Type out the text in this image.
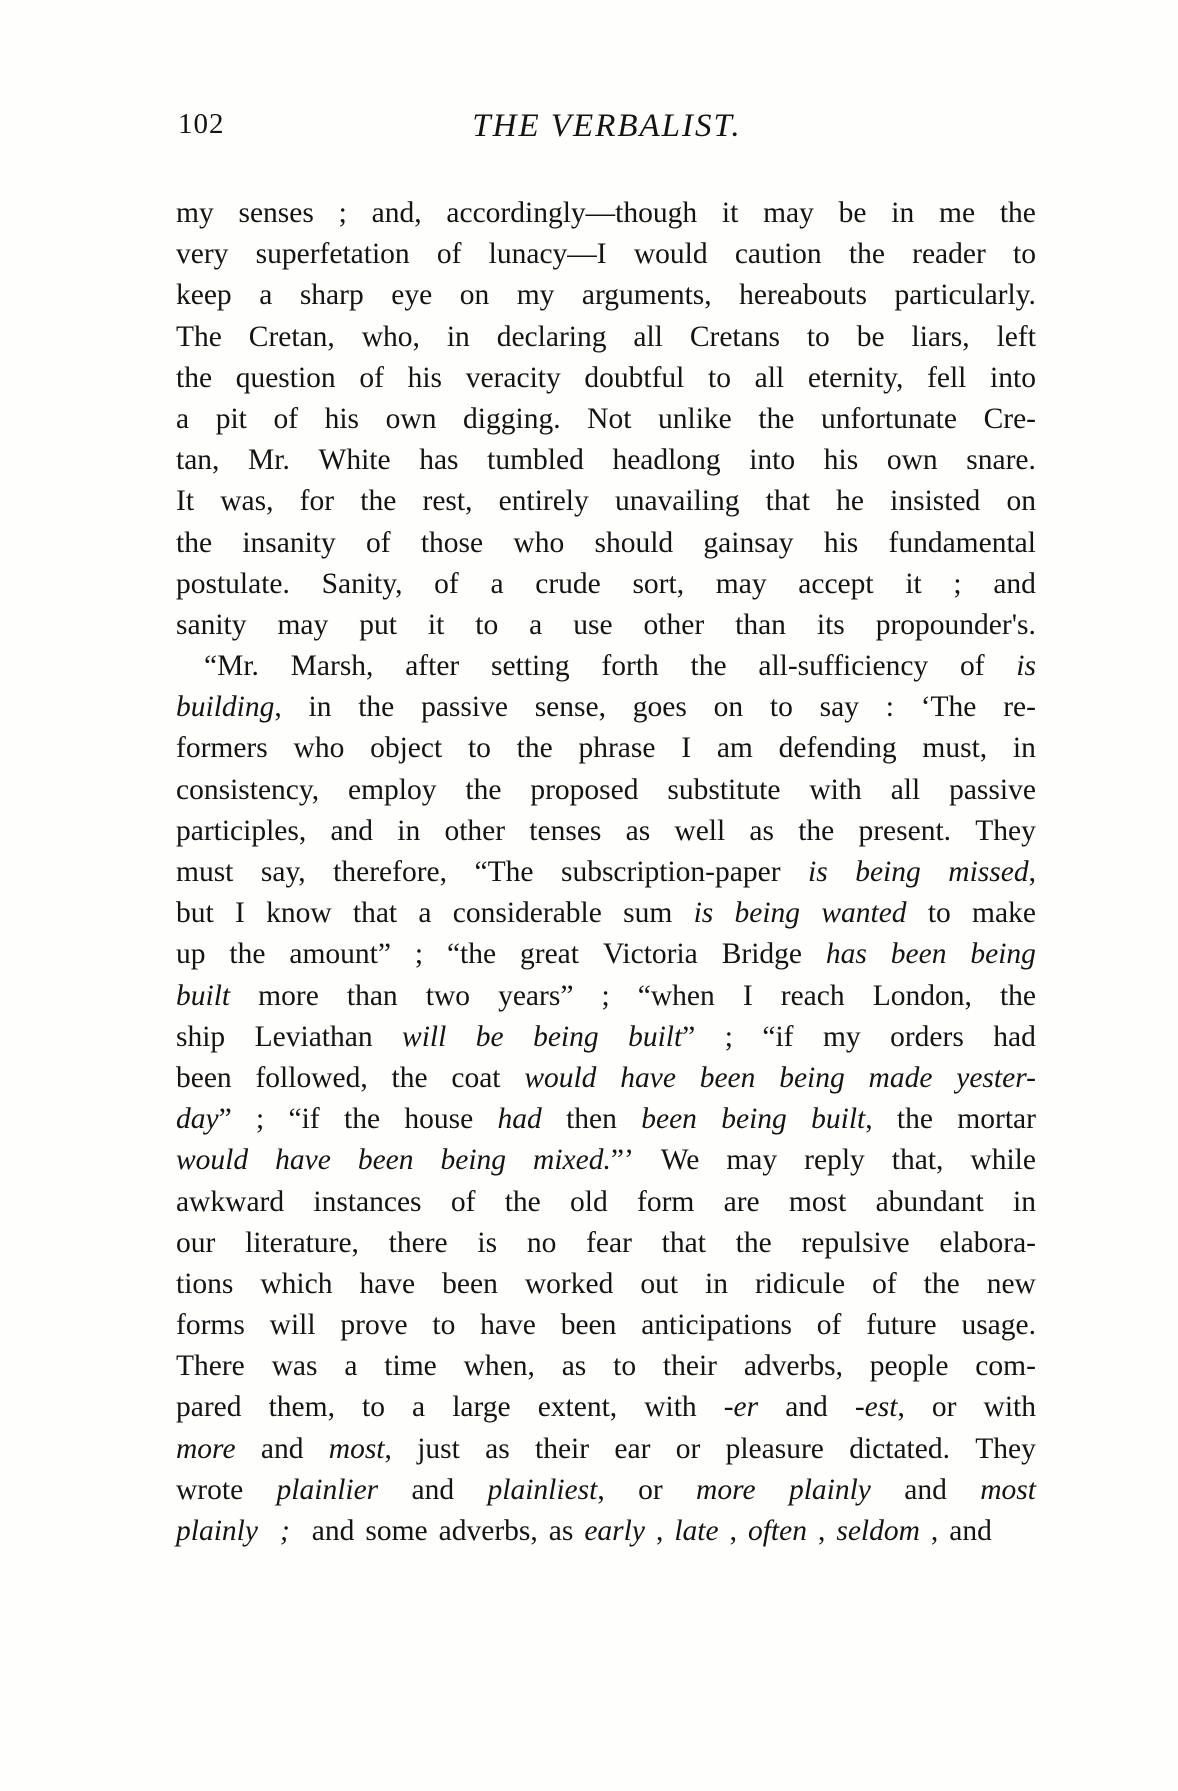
102	THE VERBALIST.
my senses ; and, accordingly—though it may be in me the
very superfetation of lunacy—I would caution the reader to
keep a sharp eye on my arguments, hereabouts particularly.
The Cretan, who, in declaring all Cretans to be liars, left
the question of his veracity doubtful to all eternity, fell into
a pit of his own digging. Not unlike the unfortunate Cre-
tan, Mr. White has tumbled headlong into his own snare.
It was, for the rest, entirely unavailing that he insisted on
the insanity of those who should gainsay his fundamental
postulate. Sanity, of a crude sort, may accept it ; and
sanity may put it to a use other than its propounder's.
“Mr. Marsh, after setting forth the all-sufficiency of is
building, in the passive sense, goes on to say : ‘The re-
formers who object to the phrase I am defending must, in
consistency, employ the proposed substitute with all passive
participles, and in other tenses as well as the present. They
must say, therefore, “The subscription-paper is being missed,
but I know that a considerable sum is being wanted to make
up the amount” ; “the great Victoria Bridge has been being
built more than two years” ; “when I reach London, the
ship Leviathan will be being built” ; “if my orders had
been followed, the coat would have been being made yester-
day” ; “if the house had then been being built, the mortar
would have been being mixed.”’ We may reply that, while
awkward instances of the old form are most abundant in
our literature, there is no fear that the repulsive elabora-
tions which have been worked out in ridicule of the new
forms will prove to have been anticipations of future usage.
There was a time when, as to their adverbs, people com-
pared them, to a large extent, with -er and -est, or with
more and most, just as their ear or pleasure dictated. They
wrote plainlier and plainliest, or more plainly and most
plainly ; and some adverbs, as early , late , often , seldom , and
